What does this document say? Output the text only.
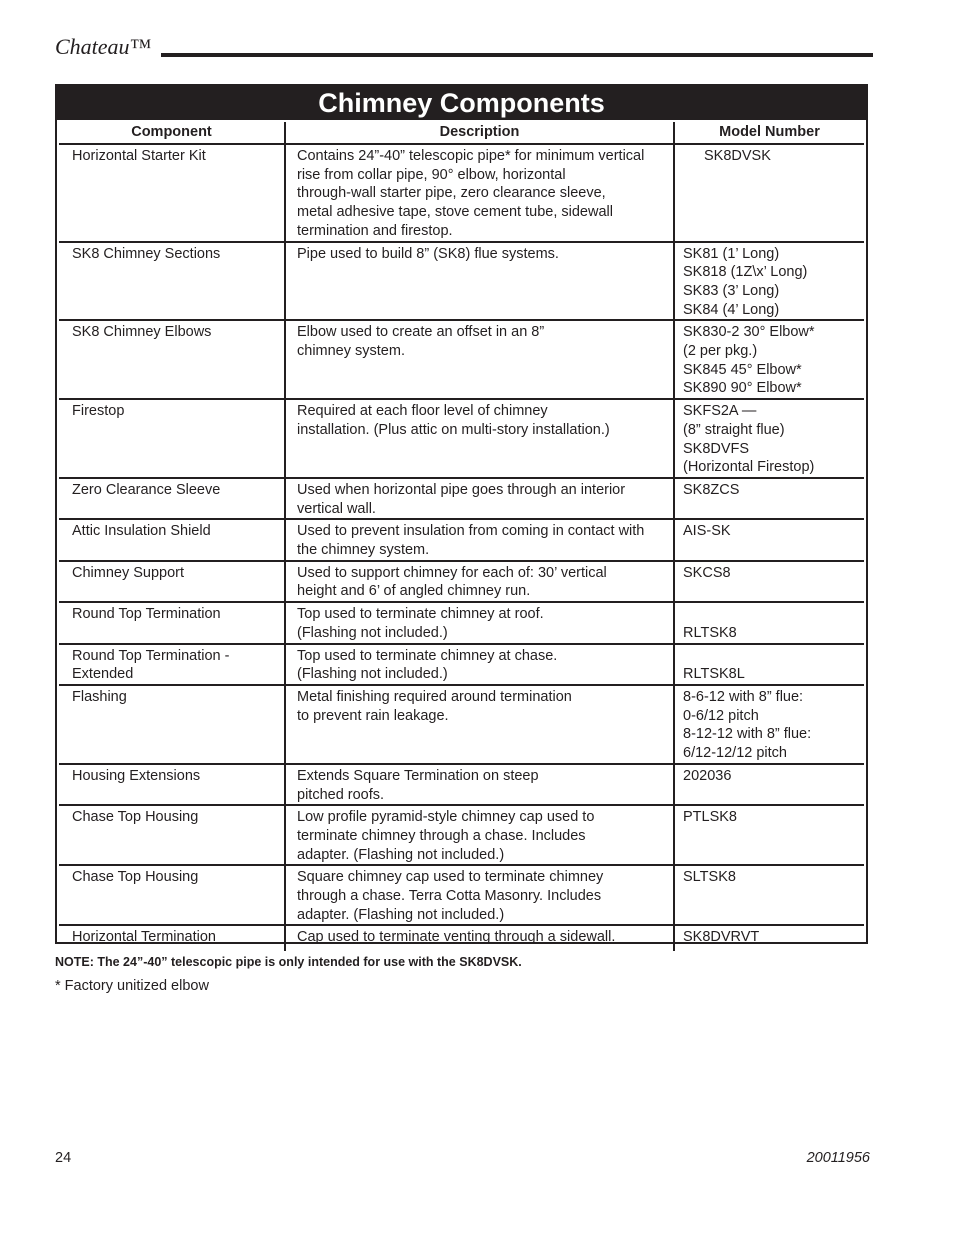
Chateau™
Chimney Components
Component	Description	Model Number
Horizontal Starter Kit	Contains 24”-40” telescopic pipe* for minimum vertical
rise from collar pipe, 90° elbow, horizontal
through-wall starter pipe, zero clearance sleeve,
metal adhesive tape, stove cement tube, sidewall
termination and firestop.	SK8DVSK
SK8 Chimney Sections	Pipe used to build 8” (SK8) flue systems.	SK81 (1’ Long)
SK818 (1Z\x’ Long)
SK83 (3’ Long)
SK84 (4’ Long)
SK8 Chimney Elbows	Elbow used to create an offset in an 8”
chimney system.	SK830-2 30° Elbow*
(2 per pkg.)
SK845 45° Elbow*
SK890 90° Elbow*
Firestop	Required at each floor level of chimney
installation. (Plus attic on multi-story installation.)	SKFS2A —
(8” straight flue)
SK8DVFS
(Horizontal Firestop)
Zero Clearance Sleeve	Used when horizontal pipe goes through an interior
vertical wall.	SK8ZCS
Attic Insulation Shield	Used to prevent insulation from coming in contact with
the chimney system.	AIS-SK
Chimney Support	Used to support chimney for each of: 30’ vertical
height and 6’ of angled chimney run.	SKCS8
Round Top Termination	Top used to terminate chimney at roof.
(Flashing not included.)	RLTSK8
Round Top Termination -
Extended	Top used to terminate chimney at chase.
(Flashing not included.)	RLTSK8L
Flashing	Metal finishing required around termination
to prevent rain leakage.	8-6-12 with 8” flue:
0-6/12 pitch
8-12-12 with 8” flue:
6/12-12/12 pitch
Housing Extensions	Extends Square Termination on steep
pitched roofs.	202036
Chase Top Housing	Low profile pyramid-style chimney cap used to
terminate chimney through a chase. Includes
adapter. (Flashing not included.)	PTLSK8
Chase Top Housing	Square chimney cap used to terminate chimney
through a chase. Terra Cotta Masonry. Includes
adapter. (Flashing not included.)	SLTSK8
Horizontal Termination	Cap used to terminate venting through a sidewall.	SK8DVRVT
NOTE: The 24”-40” telescopic pipe is only intended for use with the SK8DVSK.
* Factory unitized elbow
24	20011956
